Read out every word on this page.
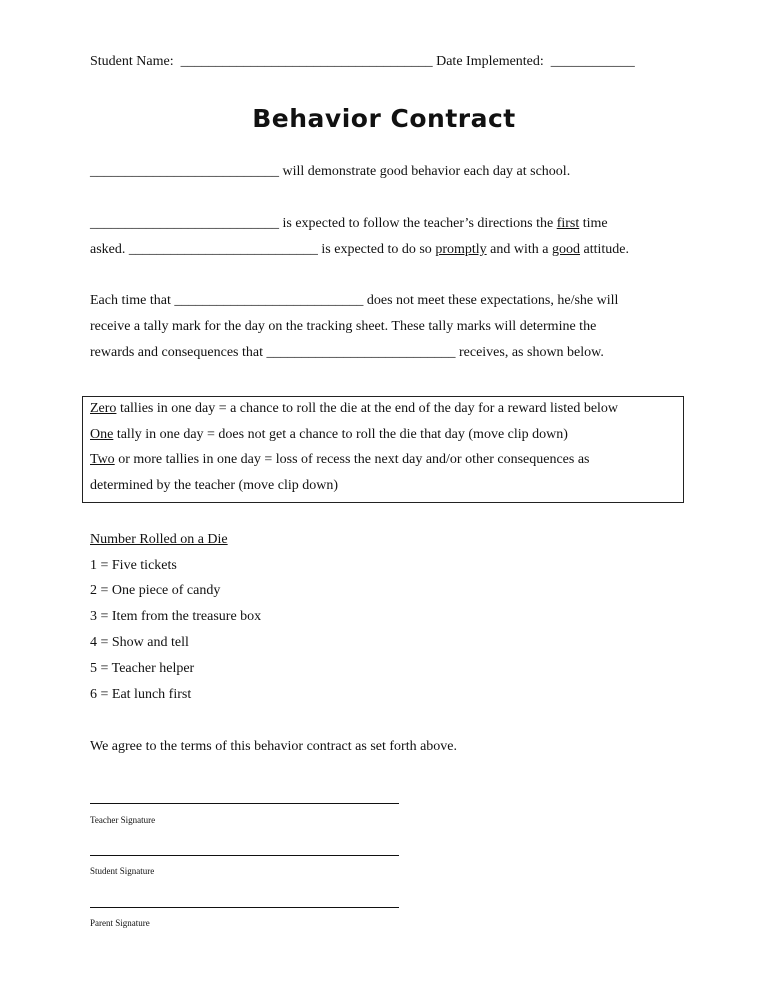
Student Name: ____________________________________ Date Implemented: ____________
Behavior Contract
___________________________ will demonstrate good behavior each day at school.
___________________________ is expected to follow the teacher’s directions the first time
asked. ___________________________ is expected to do so promptly and with a good attitude.
Each time that ___________________________ does not meet these expectations, he/she will
receive a tally mark for the day on the tracking sheet. These tally marks will determine the
rewards and consequences that ___________________________ receives, as shown below.
Zero tallies in one day = a chance to roll the die at the end of the day for a reward listed below
One tally in one day = does not get a chance to roll the die that day (move clip down)
Two or more tallies in one day = loss of recess the next day and/or other consequences as
determined by the teacher (move clip down)
Number Rolled on a Die
1 = Five tickets
2 = One piece of candy
3 = Item from the treasure box
4 = Show and tell
5 = Teacher helper
6 = Eat lunch first
We agree to the terms of this behavior contract as set forth above.
Teacher Signature
Student Signature
Parent Signature
